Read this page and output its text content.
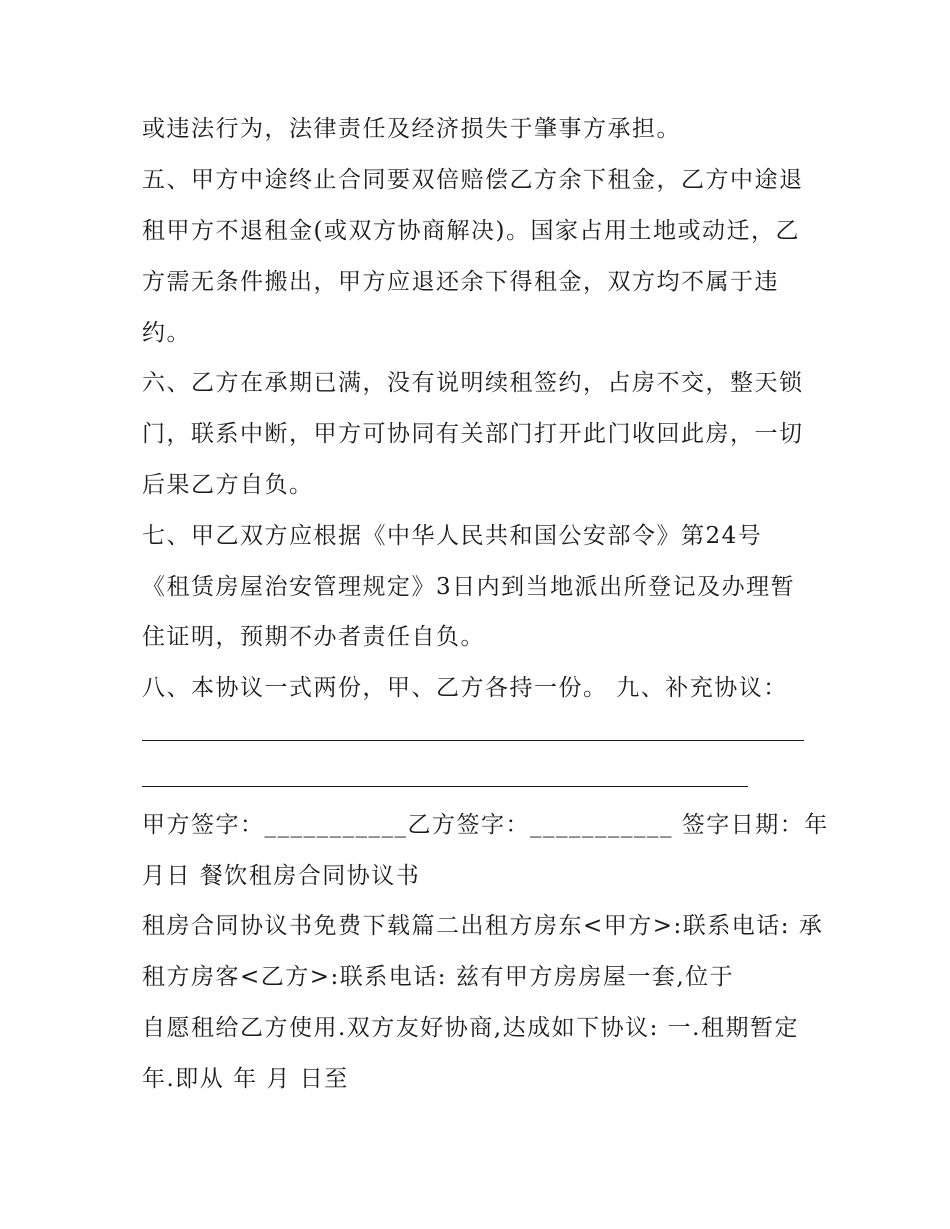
或违法行为，法律责任及经济损失于肇事方承担。
五、甲方中途终止合同要双倍赔偿乙方余下租金，乙方中途退
租甲方不退租金(或双方协商解决)。国家占用土地或动迁，乙
方需无条件搬出，甲方应退还余下得租金，双方均不属于违
约。
六、乙方在承期已满，没有说明续租签约，占房不交，整天锁
门，联系中断，甲方可协同有关部门打开此门收回此房，一切
后果乙方自负。
七、甲乙双方应根据《中华人民共和国公安部令》第24号
《租赁房屋治安管理规定》3日内到当地派出所登记及办理暂
住证明，预期不办者责任自负。
八、本协议一式两份，甲、乙方各持一份。 九、补充协议：
甲方签字：___________乙方签字：___________ 签字日期：年
月日 餐饮租房合同协议书
租房合同协议书免费下载篇二出租方房东<甲方>:联系电话: 承
租方房客<乙方>:联系电话: 兹有甲方房房屋一套,位于
自愿租给乙方使用.双方友好协商,达成如下协议: 一.租期暂定
年.即从 年 月 日至
